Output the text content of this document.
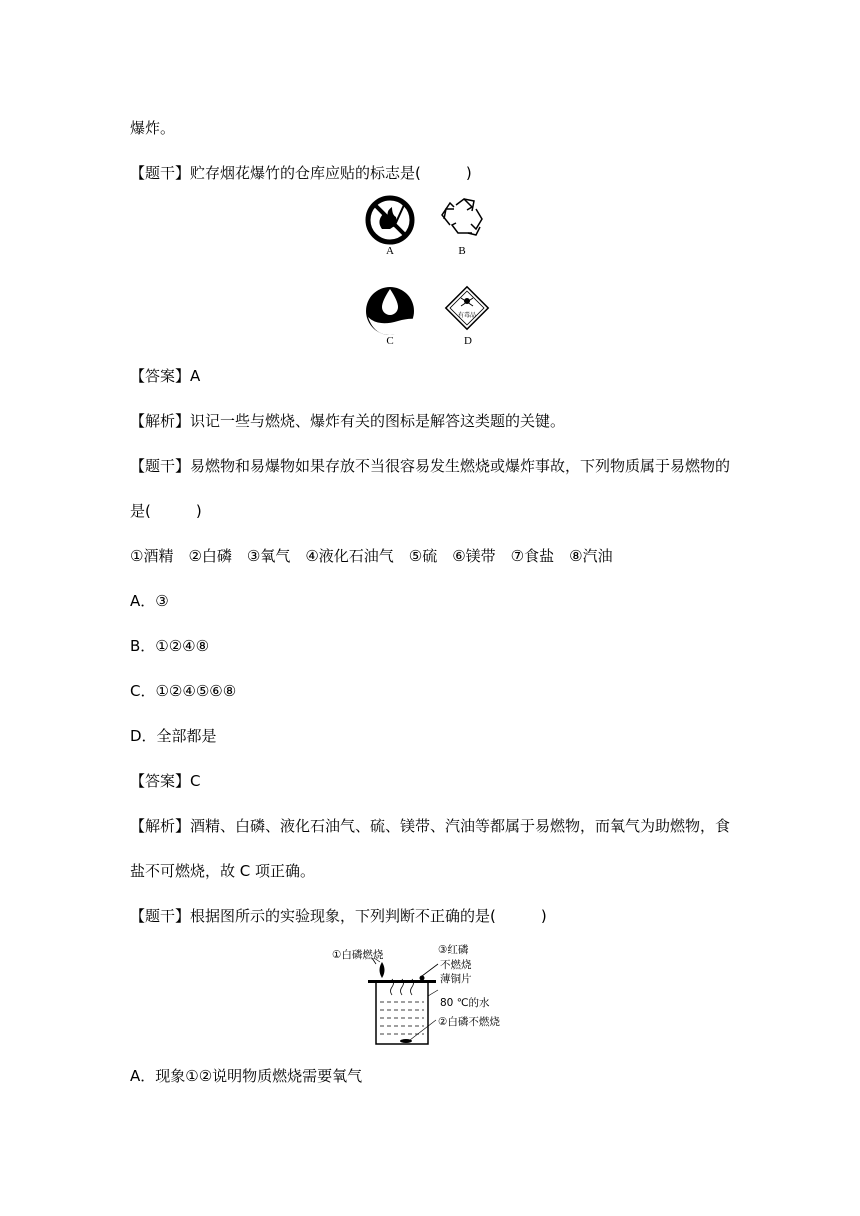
爆炸。
【题干】贮存烟花爆竹的仓库应贴的标志是(　　　)
A	B
C	D
有毒品
【答案】A
【解析】识记一些与燃烧、爆炸有关的图标是解答这类题的关键。
【题干】易燃物和易爆物如果存放不当很容易发生燃烧或爆炸事故，下列物质属于易燃物的
是(　　　)
①酒精　②白磷　③氧气　④液化石油气　⑤硫　⑥镁带　⑦食盐　⑧汽油
A．③
B．①②④⑧
C．①②④⑤⑥⑧
D．全部都是
【答案】C
【解析】酒精、白磷、液化石油气、硫、镁带、汽油等都属于易燃物，而氧气为助燃物，食
盐不可燃烧，故 C 项正确。
【题干】根据图所示的实验现象，下列判断不正确的是(　　　)
①白磷燃烧	③红磷
不燃烧
薄铜片
80 ℃的水
②白磷不燃烧
A．现象①②说明物质燃烧需要氧气
